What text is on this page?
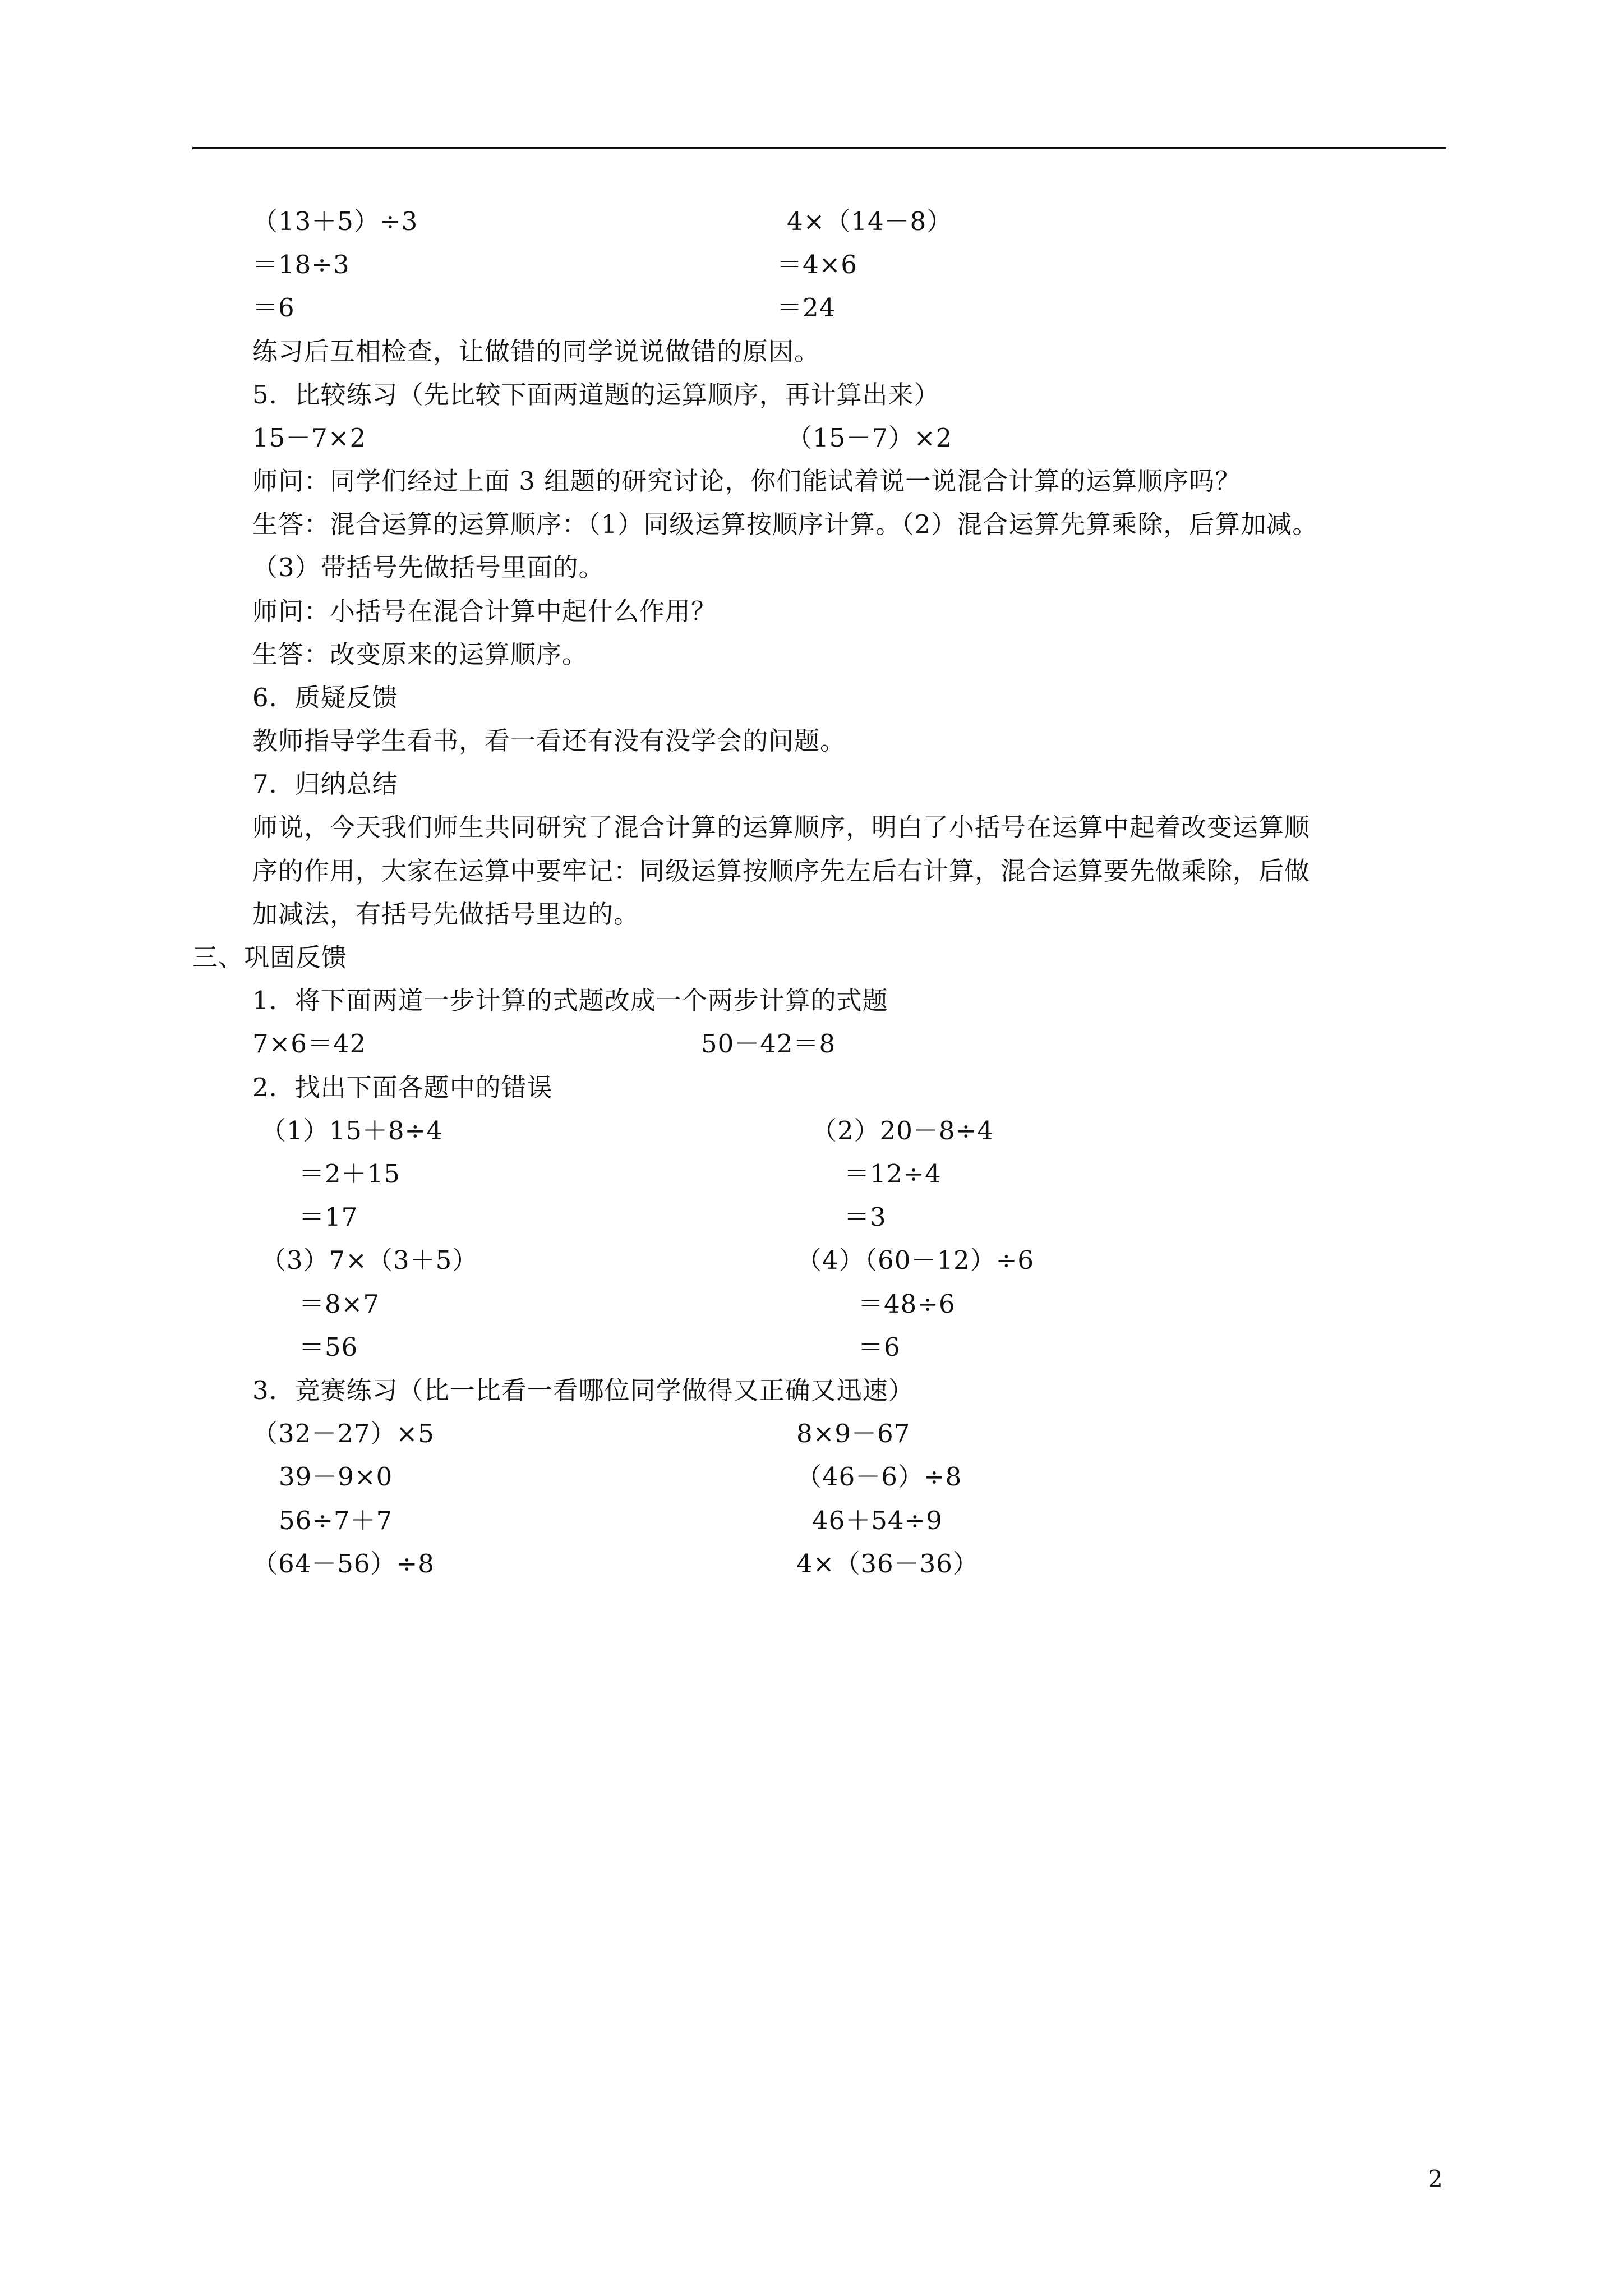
（13＋5）÷3	4×（14－8）
＝18÷3	＝4×6
＝6	＝24
练习后互相检查，让做错的同学说说做错的原因。
5．比较练习（先比较下面两道题的运算顺序，再计算出来）
15－7×2	（15－7）×2
师问：同学们经过上面 3 组题的研究讨论，你们能试着说一说混合计算的运算顺序吗？
生答：混合运算的运算顺序：（1）同级运算按顺序计算。（2）混合运算先算乘除，后算加减。
（3）带括号先做括号里面的。
师问：小括号在混合计算中起什么作用？
生答：改变原来的运算顺序。
6．质疑反馈
教师指导学生看书，看一看还有没有没学会的问题。
7．归纳总结
师说，今天我们师生共同研究了混合计算的运算顺序，明白了小括号在运算中起着改变运算顺
序的作用，大家在运算中要牢记：同级运算按顺序先左后右计算，混合运算要先做乘除，后做
加减法，有括号先做括号里边的。
三、巩固反馈
1．将下面两道一步计算的式题改成一个两步计算的式题
7×6＝42	50－42＝8
2．找出下面各题中的错误
（1）15＋8÷4	（2）20－8÷4
＝2＋15	＝12÷4
＝17	＝3
（3）7×（3＋5）	（4）（60－12）÷6
＝8×7	＝48÷6
＝56	＝6
3．竞赛练习（比一比看一看哪位同学做得又正确又迅速）
（32－27）×5	8×9－67
39－9×0	（46－6）÷8
56÷7＋7	46＋54÷9
（64－56）÷8	4×（36－36）
2
